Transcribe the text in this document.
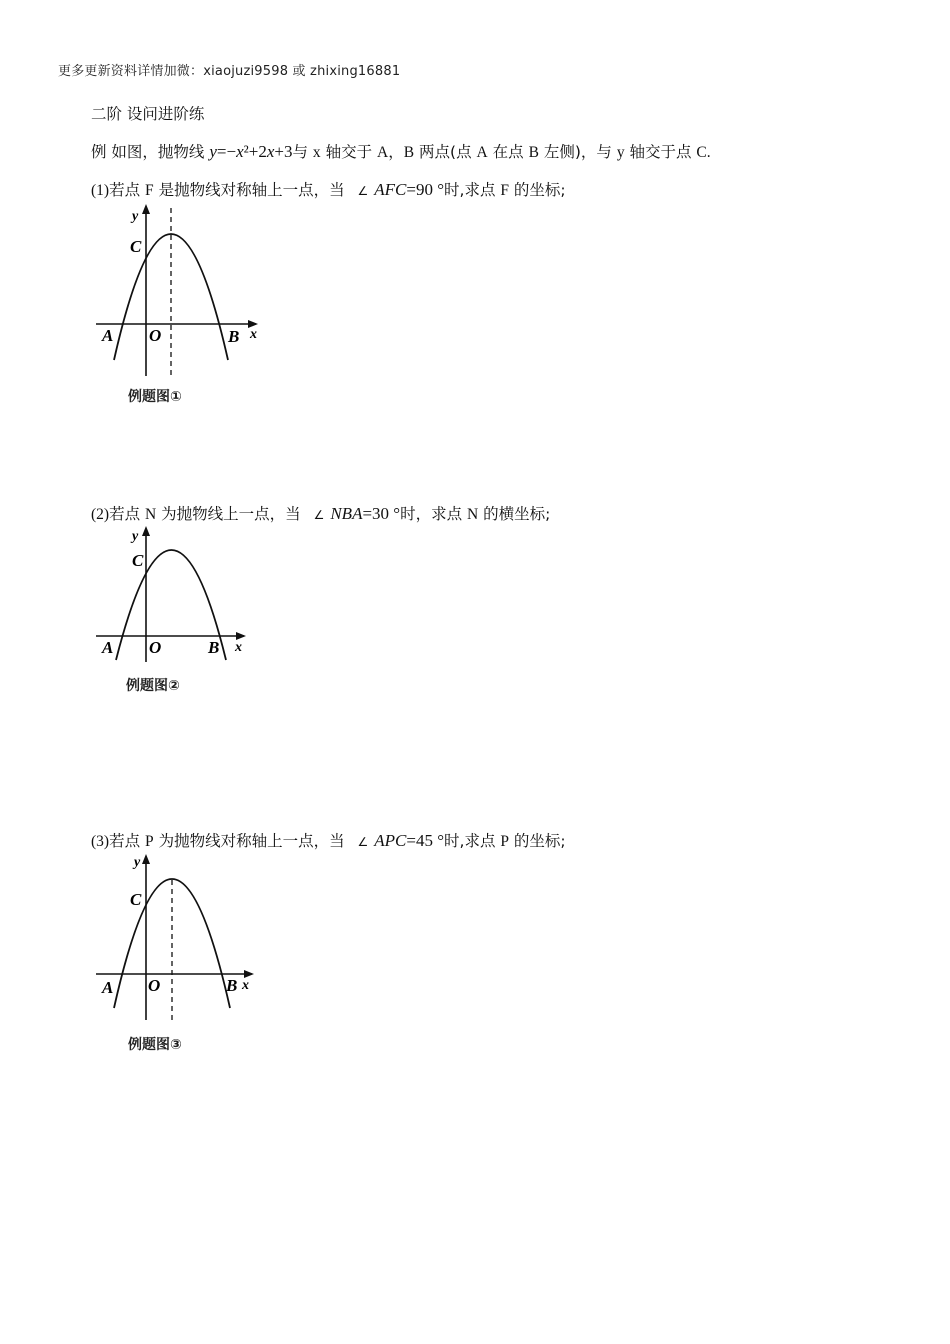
更多更新资料详情加微：xiaojuzi9598 或 zhixing16881
二阶 设问进阶练
例 如图，抛物线 y=−x²+2x+3与 x 轴交于 A，B 两点(点 A 在点 B 左侧)，与 y 轴交于点 C.
(1)若点 F 是抛物线对称轴上一点，当 ∠ AFC=90 °时,求点 F 的坐标;
y
x
C
O
A	B
例题图①
(2)若点 N 为抛物线上一点，当 ∠ NBA=30 °时，求点 N 的横坐标;
y
x
C
O
A	B
例题图②
(3)若点 P 为抛物线对称轴上一点，当 ∠ APC=45 °时,求点 P 的坐标;
y
x
C
O
A	B
例题图③
